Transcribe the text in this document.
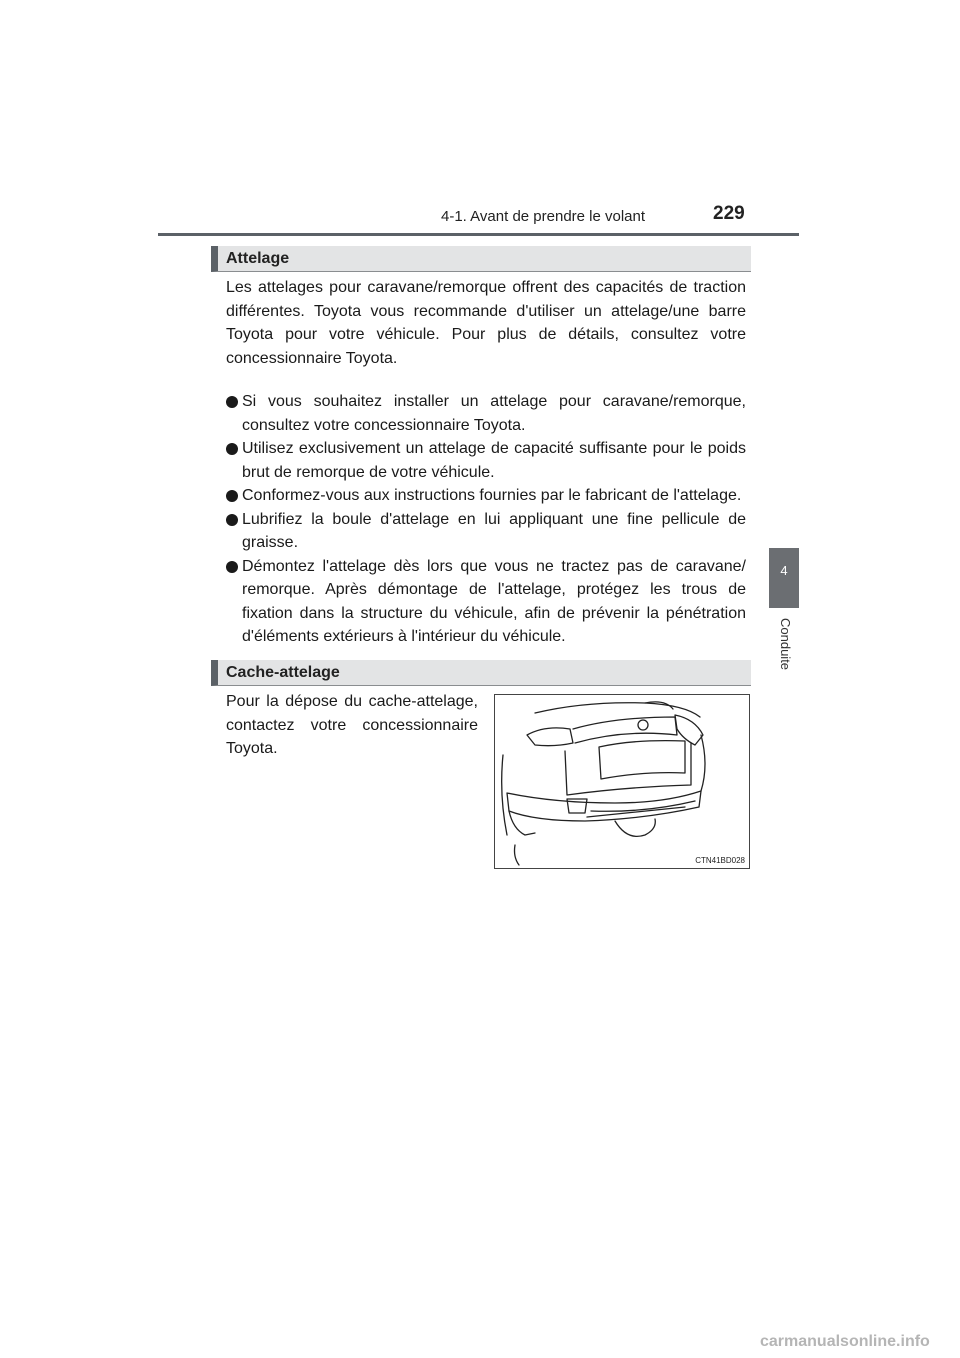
4-1. Avant de prendre le volant	229
4
Conduite
Attelage
Les attelages pour caravane/remorque offrent des capacités de traction différentes. Toyota vous recommande d'utiliser un attelage/une barre Toyota pour votre véhicule. Pour plus de détails, consultez votre concessionnaire Toyota.
Si vous souhaitez installer un attelage pour caravane/remorque, consultez votre concessionnaire Toyota.
Utilisez exclusivement un attelage de capacité suffisante pour le poids brut de remorque de votre véhicule.
Conformez-vous aux instructions fournies par le fabricant de l'attelage.
Lubrifiez la boule d'attelage en lui appliquant une fine pellicule de graisse.
Démontez l'attelage dès lors que vous ne tractez pas de caravane/ remorque. Après démontage de l'attelage, protégez les trous de fixation dans la structure du véhicule, afin de prévenir la pénétration d'éléments extérieurs à l'intérieur du véhicule.
Cache-attelage
Pour la dépose du cache-attelage, contactez votre concessionnaire Toyota.
CTN41BD028
carmanualsonline.info
